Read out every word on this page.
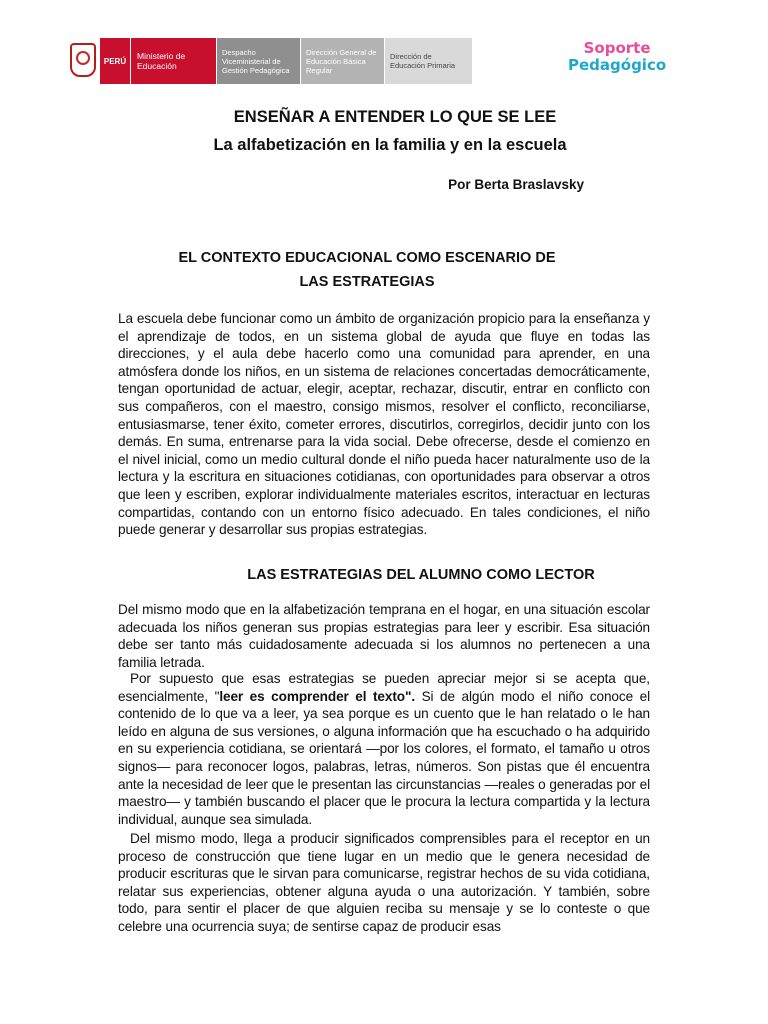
PERÚ	Ministerio de Educación
Despacho Viceministerial de Gestión Pedagógica
Dirección General de Educación Básica Regular
Dirección de Educación Primaria
Soporte
Pedagógico
ENSEÑAR A ENTENDER LO QUE SE LEE
La alfabetización en la familia y en la escuela
Por Berta Braslavsky
EL CONTEXTO EDUCACIONAL COMO ESCENARIO DE
LAS ESTRATEGIAS

La escuela debe funcionar como un ámbito de organización propicio para la enseñanza y el aprendizaje de todos, en un sistema global de ayuda que fluye en todas las direcciones, y el aula debe hacerlo como una comunidad para aprender, en una atmósfera donde los niños, en un sistema de relaciones concertadas democráticamente, tengan oportunidad de actuar, elegir, aceptar, rechazar, discutir, entrar en conflicto con sus compañeros, con el maestro, consigo mismos, resolver el conflicto, reconciliarse, entusiasmarse, tener éxito, cometer errores, discutirlos, corregirlos, decidir junto con los demás. En suma, entrenarse para la vida social. Debe ofrecerse, desde el comienzo en el nivel inicial, como un medio cultural donde el niño pueda hacer naturalmente uso de la lectura y la escritura en situaciones cotidianas, con oportunidades para observar a otros que leen y escriben, explorar individualmente materiales escritos, interactuar en lecturas compartidas, contando con un entorno físico adecuado. En tales condiciones, el niño puede generar y desarrollar sus propias estrategias.

LAS ESTRATEGIAS DEL ALUMNO COMO LECTOR

Del mismo modo que en la alfabetización temprana en el hogar, en una situación escolar adecuada los niños generan sus propias estrategias para leer y escribir. Esa situación debe ser tanto más cuidadosamente adecuada si los alumnos no pertenecen a una familia letrada.

Por supuesto que esas estrategias se pueden apreciar mejor si se acepta que, esencialmente, "leer es comprender el texto". Si de algún modo el niño conoce el contenido de lo que va a leer, ya sea porque es un cuento que le han relatado o le han leído en alguna de sus versiones, o alguna información que ha escuchado o ha adquirido en su experiencia cotidiana, se orientará —por los colores, el formato, el tamaño u otros signos— para reconocer logos, palabras, letras, números. Son pistas que él encuentra ante la necesidad de leer que le presentan las circunstancias —reales o generadas por el maestro— y también buscando el placer que le procura la lectura compartida y la lectura individual, aunque sea simulada.

Del mismo modo, llega a producir significados comprensibles para el receptor en un proceso de construcción que tiene lugar en un medio que le genera necesidad de producir escrituras que le sirvan para comunicarse, registrar hechos de su vida cotidiana, relatar sus experiencias, obtener alguna ayuda o una autorización. Y también, sobre todo, para sentir el placer de que alguien reciba su mensaje y se lo conteste o que celebre una ocurrencia suya; de sentirse capaz de producir esas
